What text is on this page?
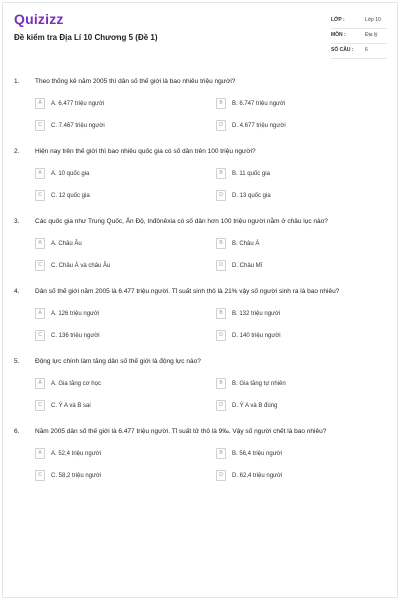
Quizizz
Đề kiểm tra Địa Lí 10 Chương 5 (Đề 1)
LỚP :	Lớp 10
MÔN :	Địa lý
SỐ CÂU : 6
1. Theo thống kê năm 2005 thì dân số thế giới là bao nhiêu triệu người?
A	A. 6.477 triệu người	B	B. 6.747 triệu người
C	C. 7.467 triệu người	D	D. 4.677 triệu người
2. Hiện nay trên thế giới thì bao nhiêu quốc gia có số dân trên 100 triệu người?
A	A. 10 quốc gia	B	B. 11 quốc gia
C	C. 12 quốc gia	D	D. 13 quốc gia
3. Các quốc gia như Trung Quốc, Ấn Độ, Inđônêxia có số dân hơn 100 triệu người nằm ở châu lục nào?
A	A. Châu Âu	B	B. Châu Á
C	C. Châu Á và châu Âu	D	D. Châu Mĩ
4. Dân số thế giới năm 2005 là 6.477 triệu người. Tỉ suất sinh thô là 21% vậy số người sinh ra là bao nhiêu?
A	A. 126 triệu người	B	B. 132 triệu người
C	C. 136 triệu người	D	D. 140 triệu người
5. Động lực chính làm tăng dân số thế giới là động lực nào?
A	A. Gia tăng cơ học	B	B. Gia tăng tự nhiên
C	C. Ý A và B sai	D	D. Ý A và B đúng
6. Năm 2005 dân số thế giới là 6.477 triệu người. Tỉ suất tử thô là 9‰. Vậy số người chết là bao nhiêu?
A	A. 52,4 triệu người	B	B. 56,4 triệu người
C	C. 58,2 triệu người	D	D. 62,4 triệu người
